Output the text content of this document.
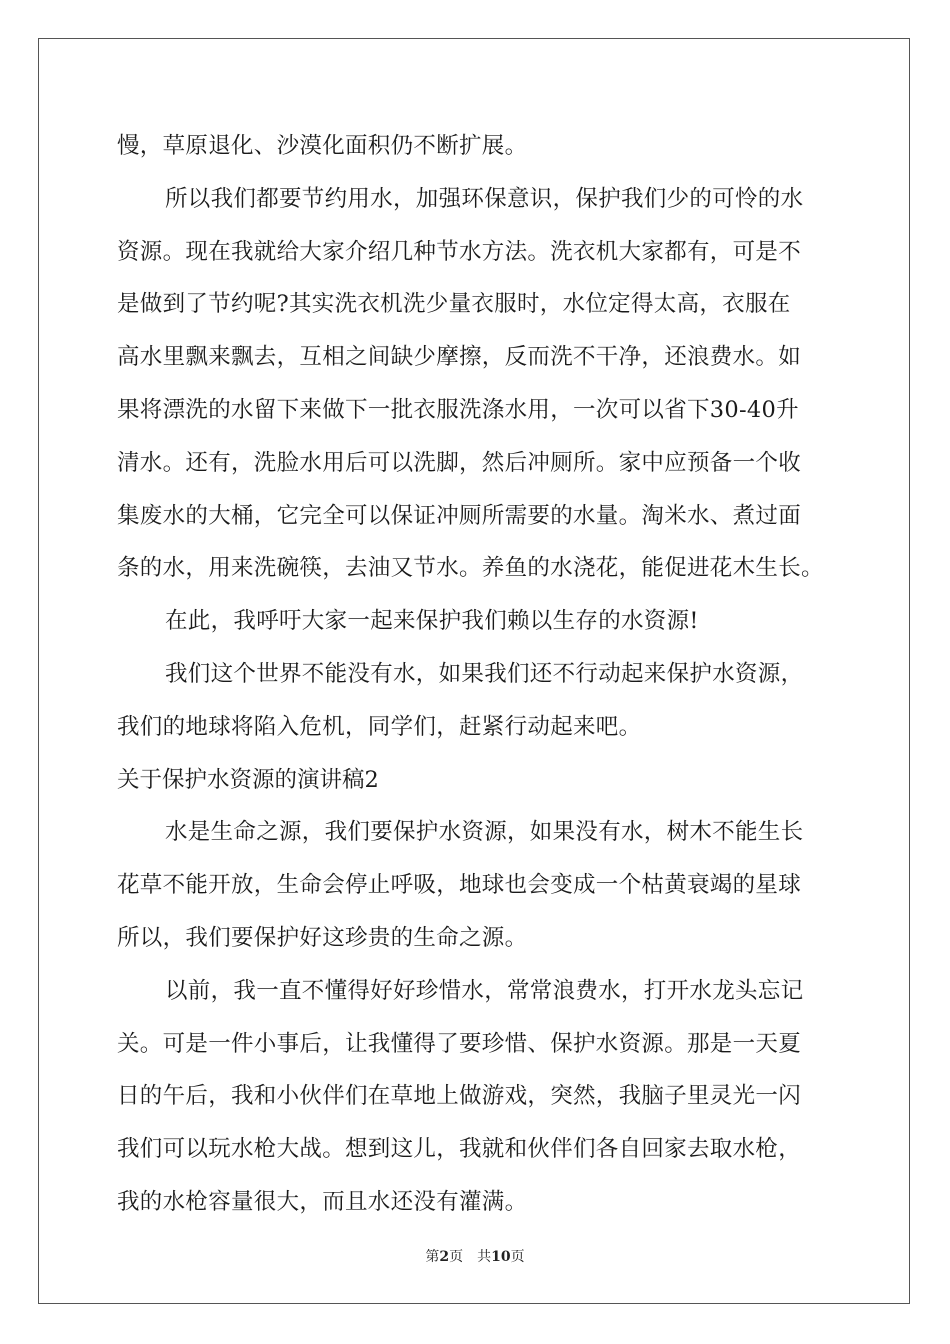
慢，草原退化、沙漠化面积仍不断扩展。
所以我们都要节约用水，加强环保意识，保护我们少的可怜的水
资源。现在我就给大家介绍几种节水方法。洗衣机大家都有，可是不
是做到了节约呢?其实洗衣机洗少量衣服时，水位定得太高，衣服在
高水里飘来飘去，互相之间缺少摩擦，反而洗不干净，还浪费水。如
果将漂洗的水留下来做下一批衣服洗涤水用，一次可以省下30-40升
清水。还有，洗脸水用后可以洗脚，然后冲厕所。家中应预备一个收
集废水的大桶，它完全可以保证冲厕所需要的水量。淘米水、煮过面
条的水，用来洗碗筷，去油又节水。养鱼的水浇花，能促进花木生长。
在此，我呼吁大家一起来保护我们赖以生存的水资源!
我们这个世界不能没有水，如果我们还不行动起来保护水资源，
我们的地球将陷入危机，同学们，赶紧行动起来吧。
关于保护水资源的演讲稿2
水是生命之源，我们要保护水资源，如果没有水，树木不能生长
花草不能开放，生命会停止呼吸，地球也会变成一个枯黄衰竭的星球
所以，我们要保护好这珍贵的生命之源。
以前，我一直不懂得好好珍惜水，常常浪费水，打开水龙头忘记
关。可是一件小事后，让我懂得了要珍惜、保护水资源。那是一天夏
日的午后，我和小伙伴们在草地上做游戏，突然，我脑子里灵光一闪
我们可以玩水枪大战。想到这儿，我就和伙伴们各自回家去取水枪，
我的水枪容量很大，而且水还没有灌满。
第2页 共10页
